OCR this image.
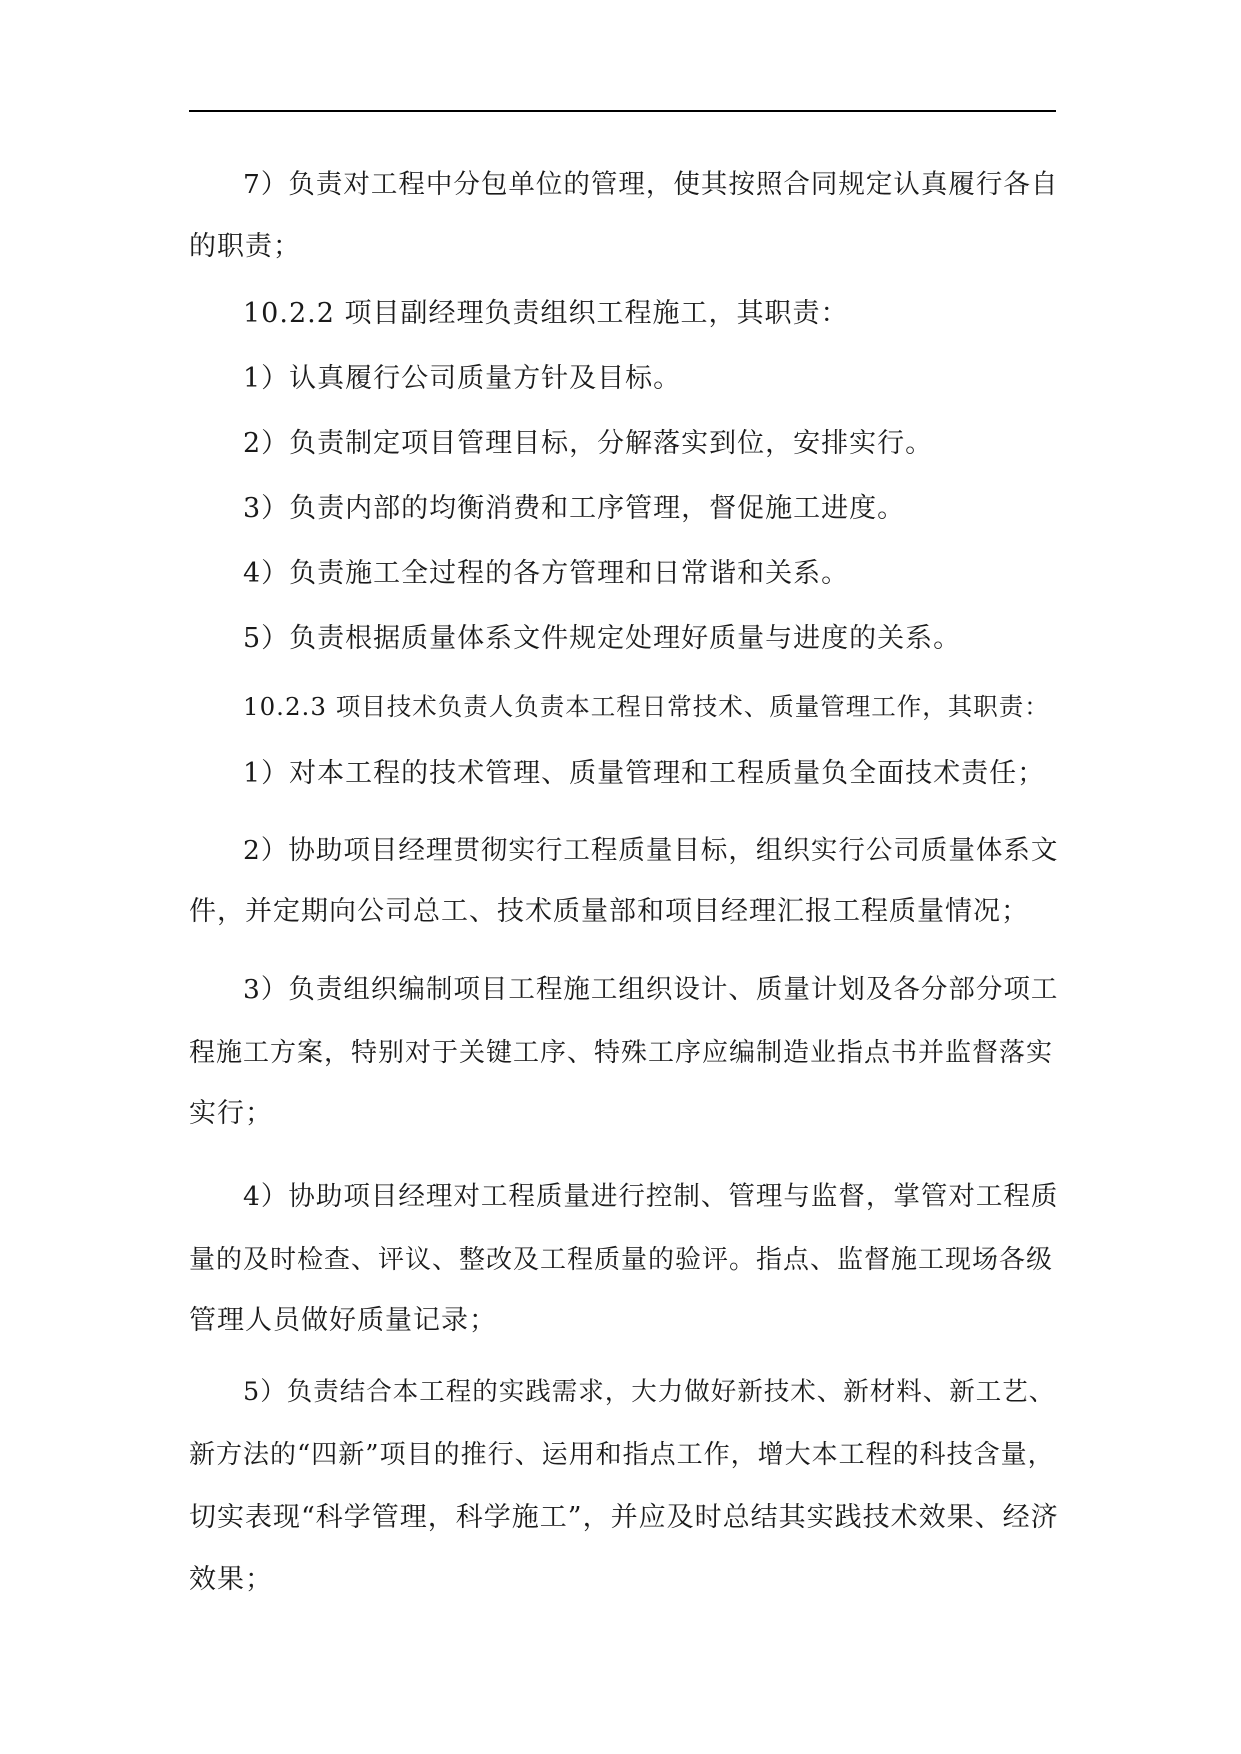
7）负责对工程中分包单位的管理，使其按照合同规定认真履行各自
的职责；
10.2.2 项目副经理负责组织工程施工，其职责：
1）认真履行公司质量方针及目标。
2）负责制定项目管理目标，分解落实到位，安排实行。
3）负责内部的均衡消费和工序管理，督促施工进度。
4）负责施工全过程的各方管理和日常谐和关系。
5）负责根据质量体系文件规定处理好质量与进度的关系。
10.2.3 项目技术负责人负责本工程日常技术、质量管理工作，其职责：
1）对本工程的技术管理、质量管理和工程质量负全面技术责任；
2）协助项目经理贯彻实行工程质量目标，组织实行公司质量体系文
件，并定期向公司总工、技术质量部和项目经理汇报工程质量情况；
3）负责组织编制项目工程施工组织设计、质量计划及各分部分项工
程施工方案，特别对于关键工序、特殊工序应编制造业指点书并监督落实
实行；
4）协助项目经理对工程质量进行控制、管理与监督，掌管对工程质
量的及时检查、评议、整改及工程质量的验评。指点、监督施工现场各级
管理人员做好质量记录；
5）负责结合本工程的实践需求，大力做好新技术、新材料、新工艺、
新方法的“四新”项目的推行、运用和指点工作，增大本工程的科技含量，
切实表现“科学管理，科学施工”，并应及时总结其实践技术效果、经济
效果；
